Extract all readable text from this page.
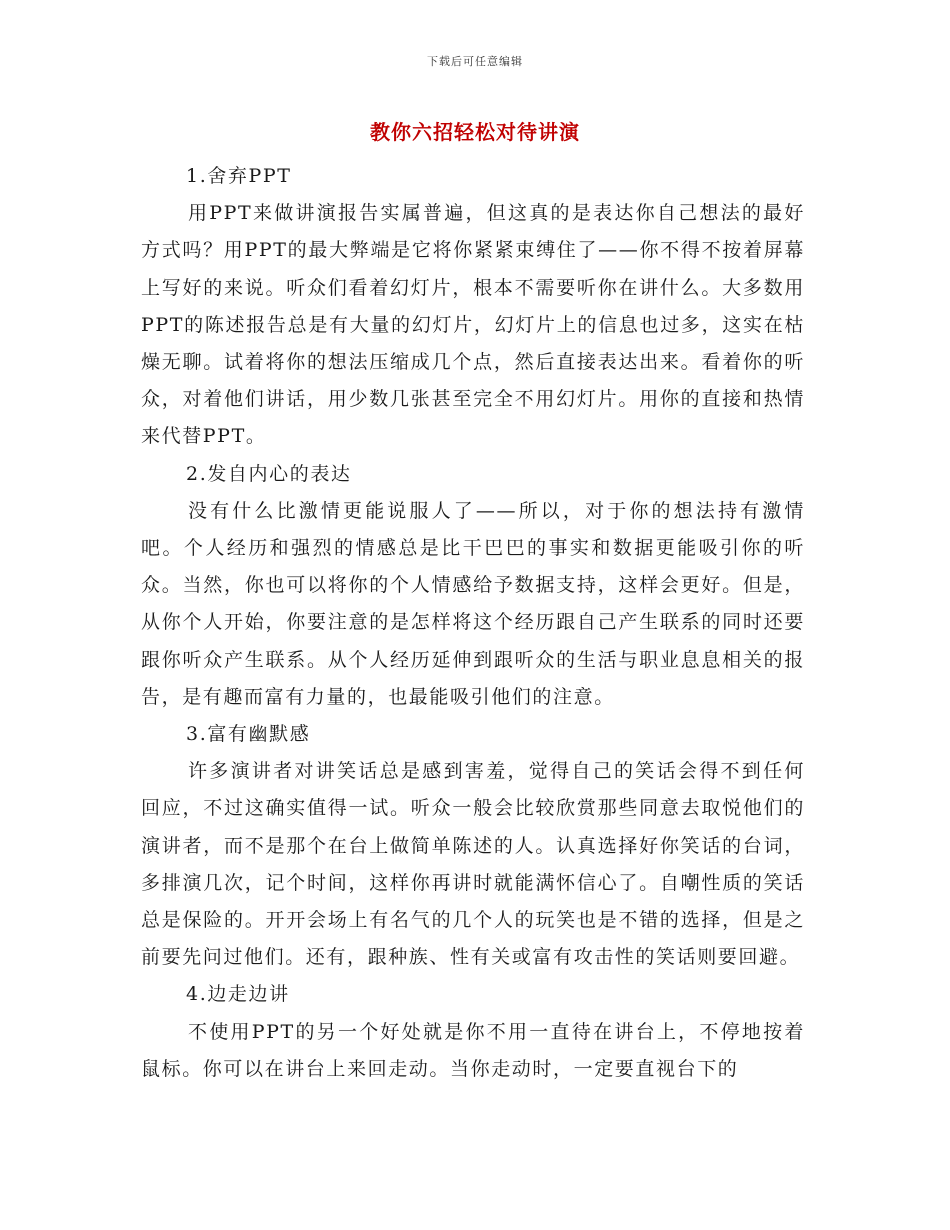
下载后可任意编辑
教你六招轻松对待讲演

1.舍弃PPT

用PPT来做讲演报告实属普遍，但这真的是表达你自己想法的最好方式吗？用PPT的最大弊端是它将你紧紧束缚住了——你不得不按着屏幕上写好的来说。听众们看着幻灯片，根本不需要听你在讲什么。大多数用PPT的陈述报告总是有大量的幻灯片，幻灯片上的信息也过多，这实在枯燥无聊。试着将你的想法压缩成几个点，然后直接表达出来。看着你的听众，对着他们讲话，用少数几张甚至完全不用幻灯片。用你的直接和热情来代替PPT。

2.发自内心的表达

没有什么比激情更能说服人了——所以，对于你的想法持有激情吧。个人经历和强烈的情感总是比干巴巴的事实和数据更能吸引你的听众。当然，你也可以将你的个人情感给予数据支持，这样会更好。但是，从你个人开始，你要注意的是怎样将这个经历跟自己产生联系的同时还要跟你听众产生联系。从个人经历延伸到跟听众的生活与职业息息相关的报告，是有趣而富有力量的，也最能吸引他们的注意。

3.富有幽默感

许多演讲者对讲笑话总是感到害羞，觉得自己的笑话会得不到任何回应，不过这确实值得一试。听众一般会比较欣赏那些同意去取悦他们的演讲者，而不是那个在台上做简单陈述的人。认真选择好你笑话的台词，多排演几次，记个时间，这样你再讲时就能满怀信心了。自嘲性质的笑话总是保险的。开开会场上有名气的几个人的玩笑也是不错的选择，但是之前要先问过他们。还有，跟种族、性有关或富有攻击性的笑话则要回避。

4.边走边讲

不使用PPT的另一个好处就是你不用一直待在讲台上，不停地按着鼠标。你可以在讲台上来回走动。当你走动时，一定要直视台下的
